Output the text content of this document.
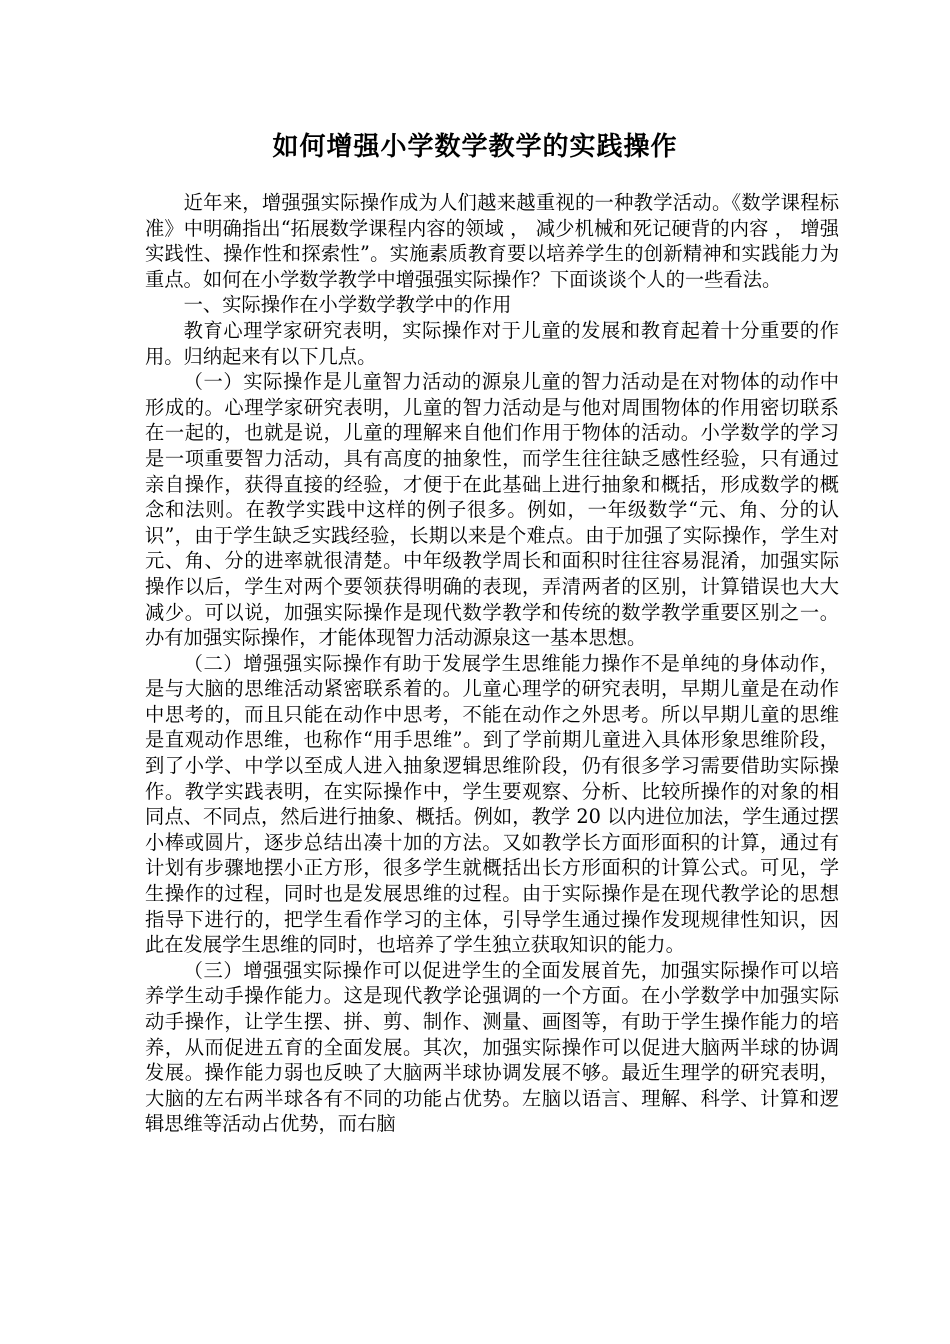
如何增强小学数学教学的实践操作

近年来，增强强实际操作成为人们越来越重视的一种教学活动。《数学课程标准》中明确指出“拓展数学课程内容的领域 ， 减少机械和死记硬背的内容 ， 增强实践性、操作性和探索性”。实施素质教育要以培养学生的创新精神和实践能力为重点。如何在小学数学教学中增强强实际操作？下面谈谈个人的一些看法。

一、实际操作在小学数学教学中的作用

教育心理学家研究表明，实际操作对于儿童的发展和教育起着十分重要的作用。归纳起来有以下几点。

（一）实际操作是儿童智力活动的源泉儿童的智力活动是在对物体的动作中形成的。心理学家研究表明，儿童的智力活动是与他对周围物体的作用密切联系在一起的，也就是说，儿童的理解来自他们作用于物体的活动。小学数学的学习是一项重要智力活动，具有高度的抽象性，而学生往往缺乏感性经验，只有通过亲自操作，获得直接的经验，才便于在此基础上进行抽象和概括，形成数学的概念和法则。在教学实践中这样的例子很多。例如，一年级数学“元、角、分的认识”，由于学生缺乏实践经验，长期以来是个难点。由于加强了实际操作，学生对元、角、分的进率就很清楚。中年级教学周长和面积时往往容易混淆，加强实际操作以后，学生对两个要领获得明确的表现，弄清两者的区别，计算错误也大大减少。可以说，加强实际操作是现代数学教学和传统的数学教学重要区别之一。办有加强实际操作，才能体现智力活动源泉这一基本思想。

（二）增强强实际操作有助于发展学生思维能力操作不是单纯的身体动作，是与大脑的思维活动紧密联系着的。儿童心理学的研究表明，早期儿童是在动作中思考的，而且只能在动作中思考，不能在动作之外思考。所以早期儿童的思维是直观动作思维，也称作“用手思维”。到了学前期儿童进入具体形象思维阶段，到了小学、中学以至成人进入抽象逻辑思维阶段，仍有很多学习需要借助实际操作。教学实践表明，在实际操作中，学生要观察、分析、比较所操作的对象的相同点、不同点，然后进行抽象、概括。例如，教学 20 以内进位加法，学生通过摆小棒或圆片，逐步总结出凑十加的方法。又如教学长方面形面积的计算，通过有计划有步骤地摆小正方形，很多学生就概括出长方形面积的计算公式。可见，学生操作的过程，同时也是发展思维的过程。由于实际操作是在现代教学论的思想指导下进行的，把学生看作学习的主体，引导学生通过操作发现规律性知识，因此在发展学生思维的同时，也培养了学生独立获取知识的能力。

（三）增强强实际操作可以促进学生的全面发展首先，加强实际操作可以培养学生动手操作能力。这是现代教学论强调的一个方面。在小学数学中加强实际动手操作，让学生摆、拼、剪、制作、测量、画图等，有助于学生操作能力的培养，从而促进五育的全面发展。其次，加强实际操作可以促进大脑两半球的协调发展。操作能力弱也反映了大脑两半球协调发展不够。最近生理学的研究表明，大脑的左右两半球各有不同的功能占优势。左脑以语言、理解、科学、计算和逻辑思维等活动占优势，而右脑
